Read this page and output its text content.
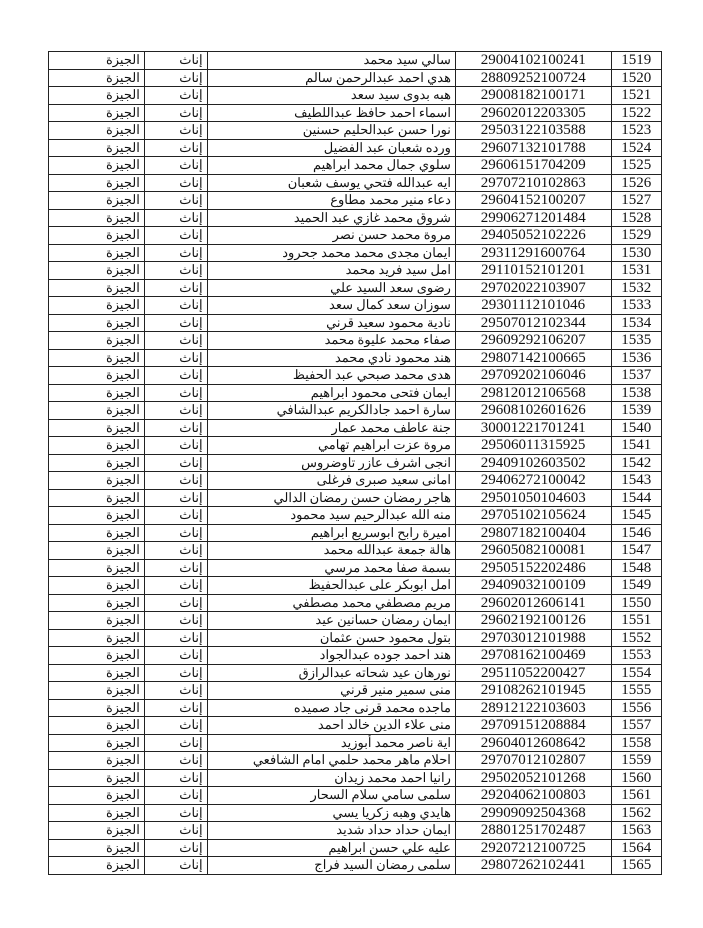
الجيزة	إناث	سالي سيد محمد	29004102100241	1519
الجيزة	إناث	هدي احمد عبدالرحمن سالم	28809252100724	1520
الجيزة	إناث	هبه بدوى سيد سعد	29008182100171	1521
الجيزة	إناث	اسماء احمد حافظ عبداللطيف	29602012203305	1522
الجيزة	إناث	نورا حسن عبدالحليم حسنين	29503122103588	1523
الجيزة	إناث	ورده شعبان عبد الفضيل	29607132101788	1524
الجيزة	إناث	سلوي جمال محمد ابراهيم	29606151704209	1525
الجيزة	إناث	ايه عبدالله فتحي يوسف شعبان	29707210102863	1526
الجيزة	إناث	دعاء منير محمد مطاوع	29604152100207	1527
الجيزة	إناث	شروق محمد غازي عبد الحميد	29906271201484	1528
الجيزة	إناث	مروة محمد حسن نصر	29405052102226	1529
الجيزة	إناث	ايمان مجدى محمد محمد جحرود	29311291600764	1530
الجيزة	إناث	امل سيد فريد محمد	29110152101201	1531
الجيزة	إناث	رضوى سعد السيد علي	29702022103907	1532
الجيزة	إناث	سوزان سعد كمال سعد	29301112101046	1533
الجيزة	إناث	نادية محمود سعيد قرني	29507012102344	1534
الجيزة	إناث	صفاء محمد عليوة محمد	29609292106207	1535
الجيزة	إناث	هند محمود نادي محمد	29807142100665	1536
الجيزة	إناث	هدى محمد صبحي عبد الحفيظ	29709202106046	1537
الجيزة	إناث	ايمان فتحى محمود ابراهيم	29812012106568	1538
الجيزة	إناث	سارة احمد جادالكريم عبدالشافي	29608102601626	1539
الجيزة	إناث	جنة عاطف محمد عمار	30001221701241	1540
الجيزة	إناث	مروة عزت ابراهيم تهامي	29506011315925	1541
الجيزة	إناث	انجى اشرف عازر تاوضروس	29409102603502	1542
الجيزة	إناث	امانى سعيد صبرى فرغلى	29406272100042	1543
الجيزة	إناث	هاجر رمضان حسن رمضان الدالي	29501050104603	1544
الجيزة	إناث	منه الله عبدالرحيم سيد محمود	29705102105624	1545
الجيزة	إناث	اميرة رابح ابوسريع ابراهيم	29807182100404	1546
الجيزة	إناث	هالة جمعة عبدالله محمد	29605082100081	1547
الجيزة	إناث	بسمة صفا محمد مرسي	29505152202486	1548
الجيزة	إناث	امل ابوبكر على عبدالحفيظ	29409032100109	1549
الجيزة	إناث	مريم مصطفي محمد مصطفي	29602012606141	1550
الجيزة	إناث	ايمان رمضان حسانين عيد	29602192100126	1551
الجيزة	إناث	بتول محمود حسن عثمان	29703012101988	1552
الجيزة	إناث	هند احمد جوده عبدالجواد	29708162100469	1553
الجيزة	إناث	نورهان عيد شحاته عبدالرازق	29511052200427	1554
الجيزة	إناث	منى سمير منير قرني	29108262101945	1555
الجيزة	إناث	ماجده محمد قرنى جاد صميده	28912122103603	1556
الجيزة	إناث	منى علاء الدين خالد احمد	29709151208884	1557
الجيزة	إناث	اية ناصر محمد أبوزيد	29604012608642	1558
الجيزة	إناث	احلام ماهر محمد حلمي امام الشافعي	29707012102807	1559
الجيزة	إناث	رانيا احمد محمد زيدان	29502052101268	1560
الجيزة	إناث	سلمى سامي سلام السحار	29204062100803	1561
الجيزة	إناث	هايدي وهبه زكريا يسي	29909092504368	1562
الجيزة	إناث	ايمان حداد حداد شديد	28801251702487	1563
الجيزة	إناث	عليه علي حسن ابراهيم	29207212100725	1564
الجيزة	إناث	سلمى رمضان السيد فراج	29807262102441	1565
